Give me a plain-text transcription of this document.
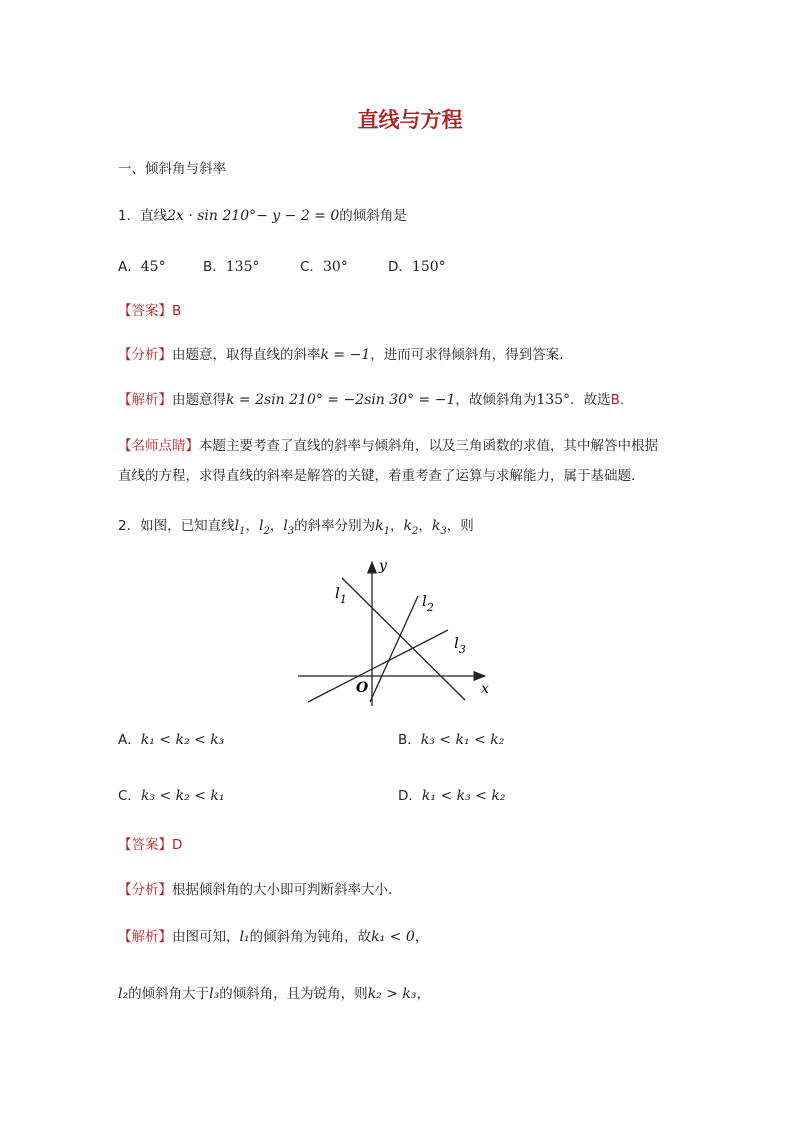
直线与方程
一、倾斜角与斜率
1．直线2x · sin 210°− y − 2 = 0的倾斜角是
A．45°	B．135°	C．30°	D．150°
【答案】B
【分析】由题意，取得直线的斜率k = −1，进而可求得倾斜角，得到答案．
【解析】由题意得k = 2sin 210° = −2sin 30° = −1，故倾斜角为135°．故选B.
【名师点睛】本题主要考查了直线的斜率与倾斜角，以及三角函数的求值，其中解答中根据
直线的方程，求得直线的斜率是解答的关键，着重考查了运算与求解能力，属于基础题．
2．如图，已知直线$l_1$，$l_2$，$l_3$的斜率分别为$k_1$，$k_2$，$k_3$，则
y
x
O
$l_1$	$l_2$
$l_3$
A．k₁ < k₂ < k₃	B．k₃ < k₁ < k₂
C．k₃ < k₂ < k₁	D．k₁ < k₃ < k₂
【答案】D
【分析】根据倾斜角的大小即可判断斜率大小．
【解析】由图可知，l₁的倾斜角为钝角，故k₁ < 0，
l₂的倾斜角大于l₃的倾斜角，且为锐角，则k₂ > k₃，
